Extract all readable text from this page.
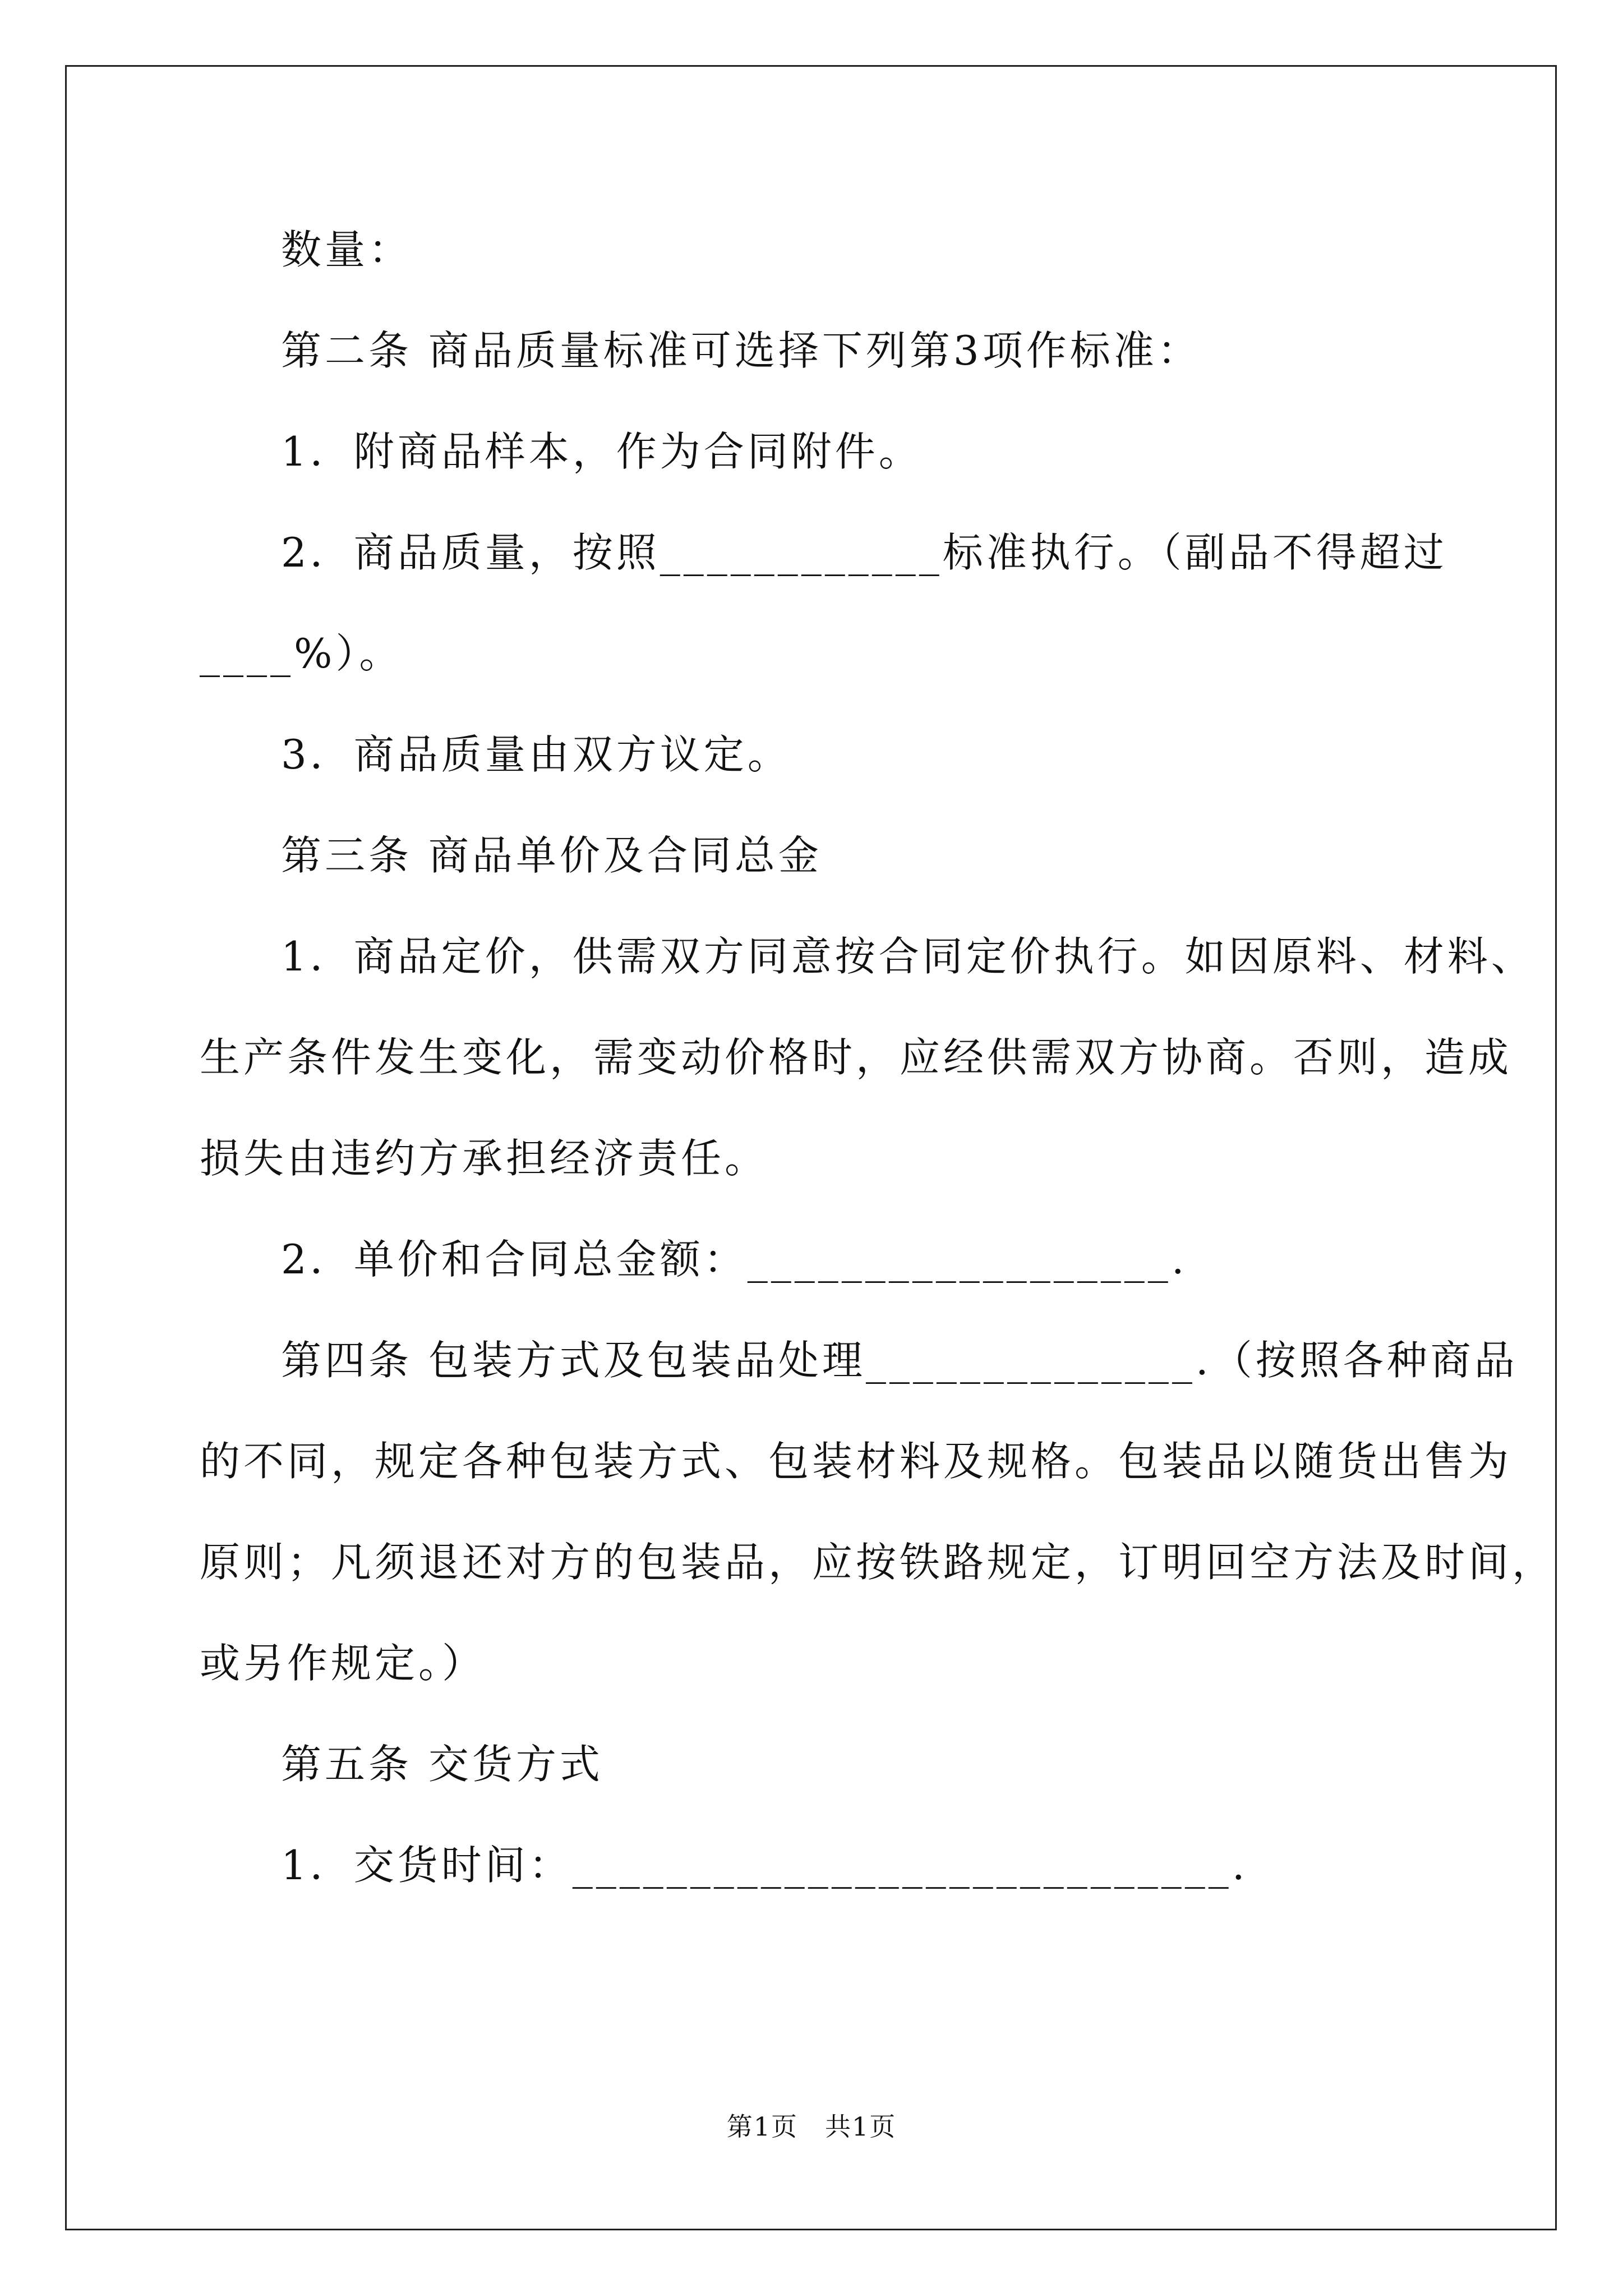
数量：
第二条 商品质量标准可选择下列第3项作标准：
1．附商品样本，作为合同附件。
2．商品质量，按照____________标准执行。（副品不得超过
____%）。
3．商品质量由双方议定。
第三条 商品单价及合同总金
1．商品定价，供需双方同意按合同定价执行。如因原料、材料、
生产条件发生变化，需变动价格时，应经供需双方协商。否则，造成
损失由违约方承担经济责任。
2．单价和合同总金额：__________________.
第四条 包装方式及包装品处理______________.（按照各种商品
的不同，规定各种包装方式、包装材料及规格。包装品以随货出售为
原则；凡须退还对方的包装品，应按铁路规定，订明回空方法及时间，
或另作规定。）
第五条 交货方式
1．交货时间：____________________________.
第1页　共1页
